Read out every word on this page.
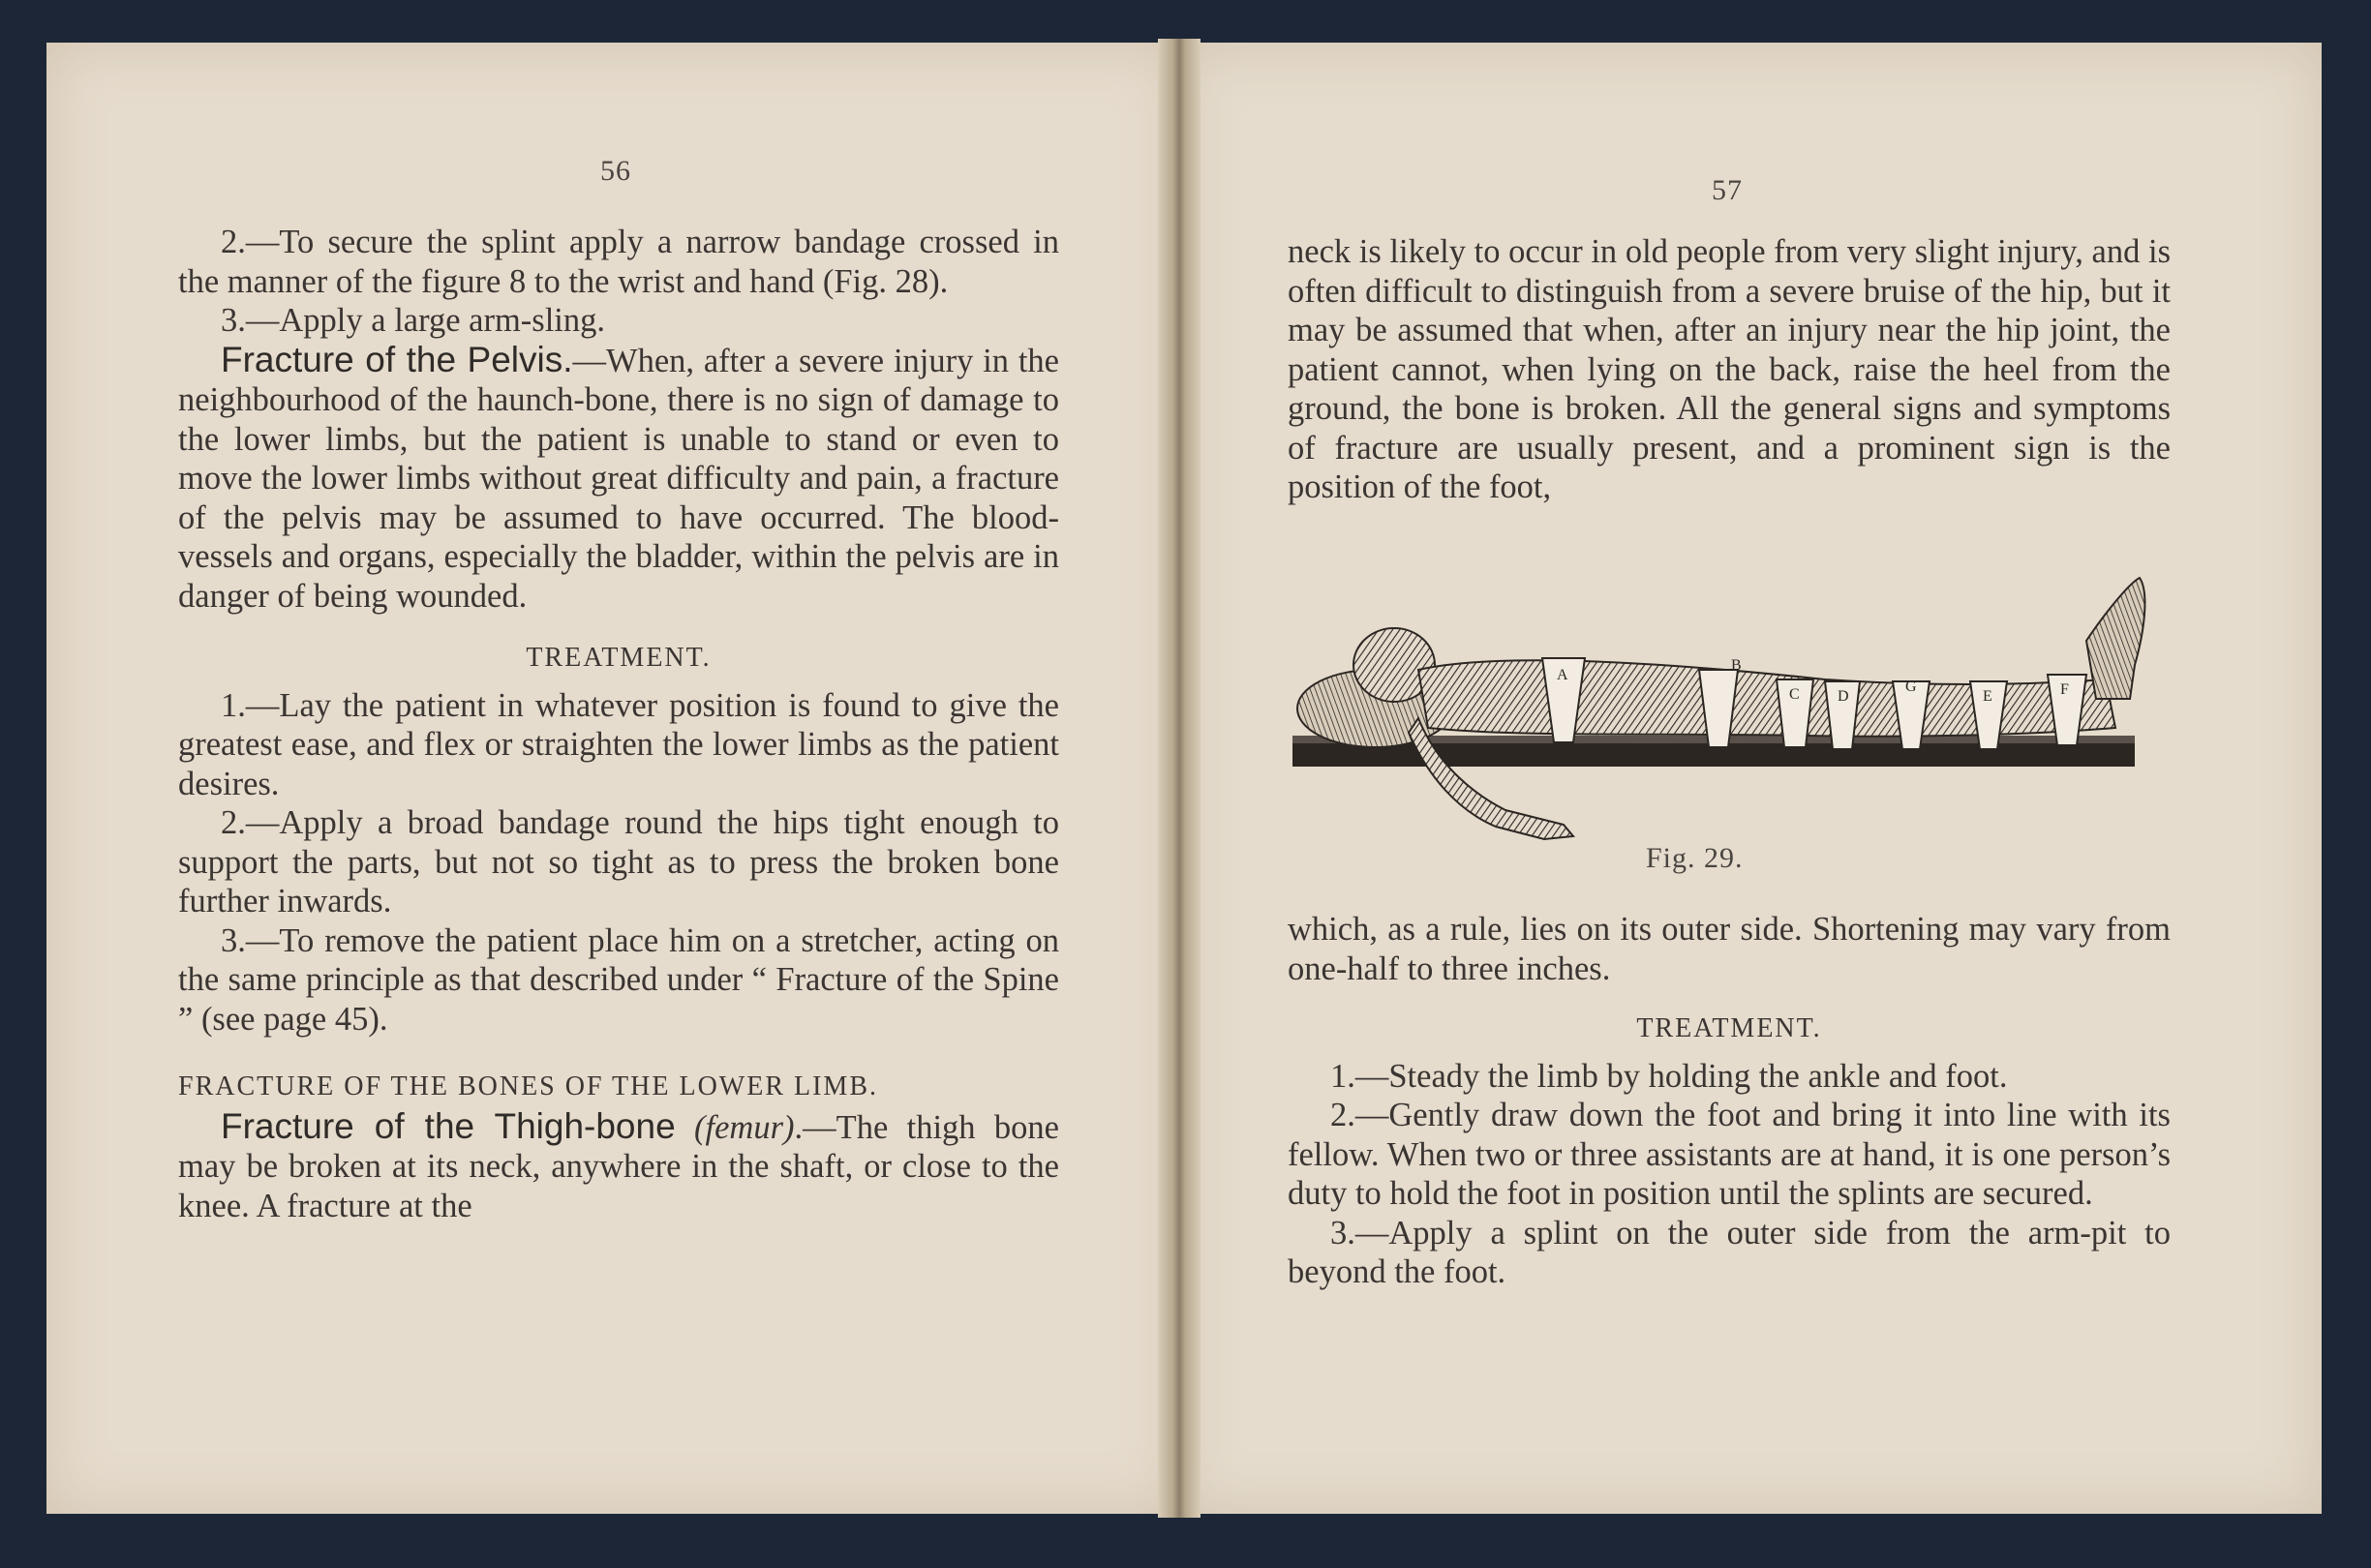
56

2.—To secure the splint apply a narrow bandage crossed in the manner of the figure 8 to the wrist and hand (Fig. 28).

3.—Apply a large arm-sling.

Fracture of the Pelvis.—When, after a severe injury in the neighbourhood of the haunch-bone, there is no sign of damage to the lower limbs, but the patient is unable to stand or even to move the lower limbs without great difficulty and pain, a fracture of the pelvis may be assumed to have occurred. The blood-vessels and organs, especially the bladder, within the pelvis are in danger of being wounded.

TREATMENT.

1.—Lay the patient in whatever position is found to give the greatest ease, and flex or straighten the lower limbs as the patient desires.

2.—Apply a broad bandage round the hips tight enough to support the parts, but not so tight as to press the broken bone further inwards.

3.—To remove the patient place him on a stretcher, acting on the same principle as that described under “ Fracture of the Spine ” (see page 45).

FRACTURE OF THE BONES OF THE LOWER LIMB.

Fracture of the Thigh-bone (femur).—The thigh bone may be broken at its neck, anywhere in the shaft, or close to the knee. A fracture at the

57

neck is likely to occur in old people from very slight injury, and is often difficult to distinguish from a severe bruise of the hip, but it may be assumed that when, after an injury near the hip joint, the patient cannot, when lying on the back, raise the heel from the ground, the bone is broken. All the general signs and symptoms of fracture are usually present, and a prominent sign is the position of the foot,

A
B
C D
G
E	F
Fig. 29.

which, as a rule, lies on its outer side. Shortening may vary from one-half to three inches.

TREATMENT.

1.—Steady the limb by holding the ankle and foot.

2.—Gently draw down the foot and bring it into line with its fellow. When two or three assistants are at hand, it is one person’s duty to hold the foot in position until the splints are secured.

3.—Apply a splint on the outer side from the arm-pit to beyond the foot.
